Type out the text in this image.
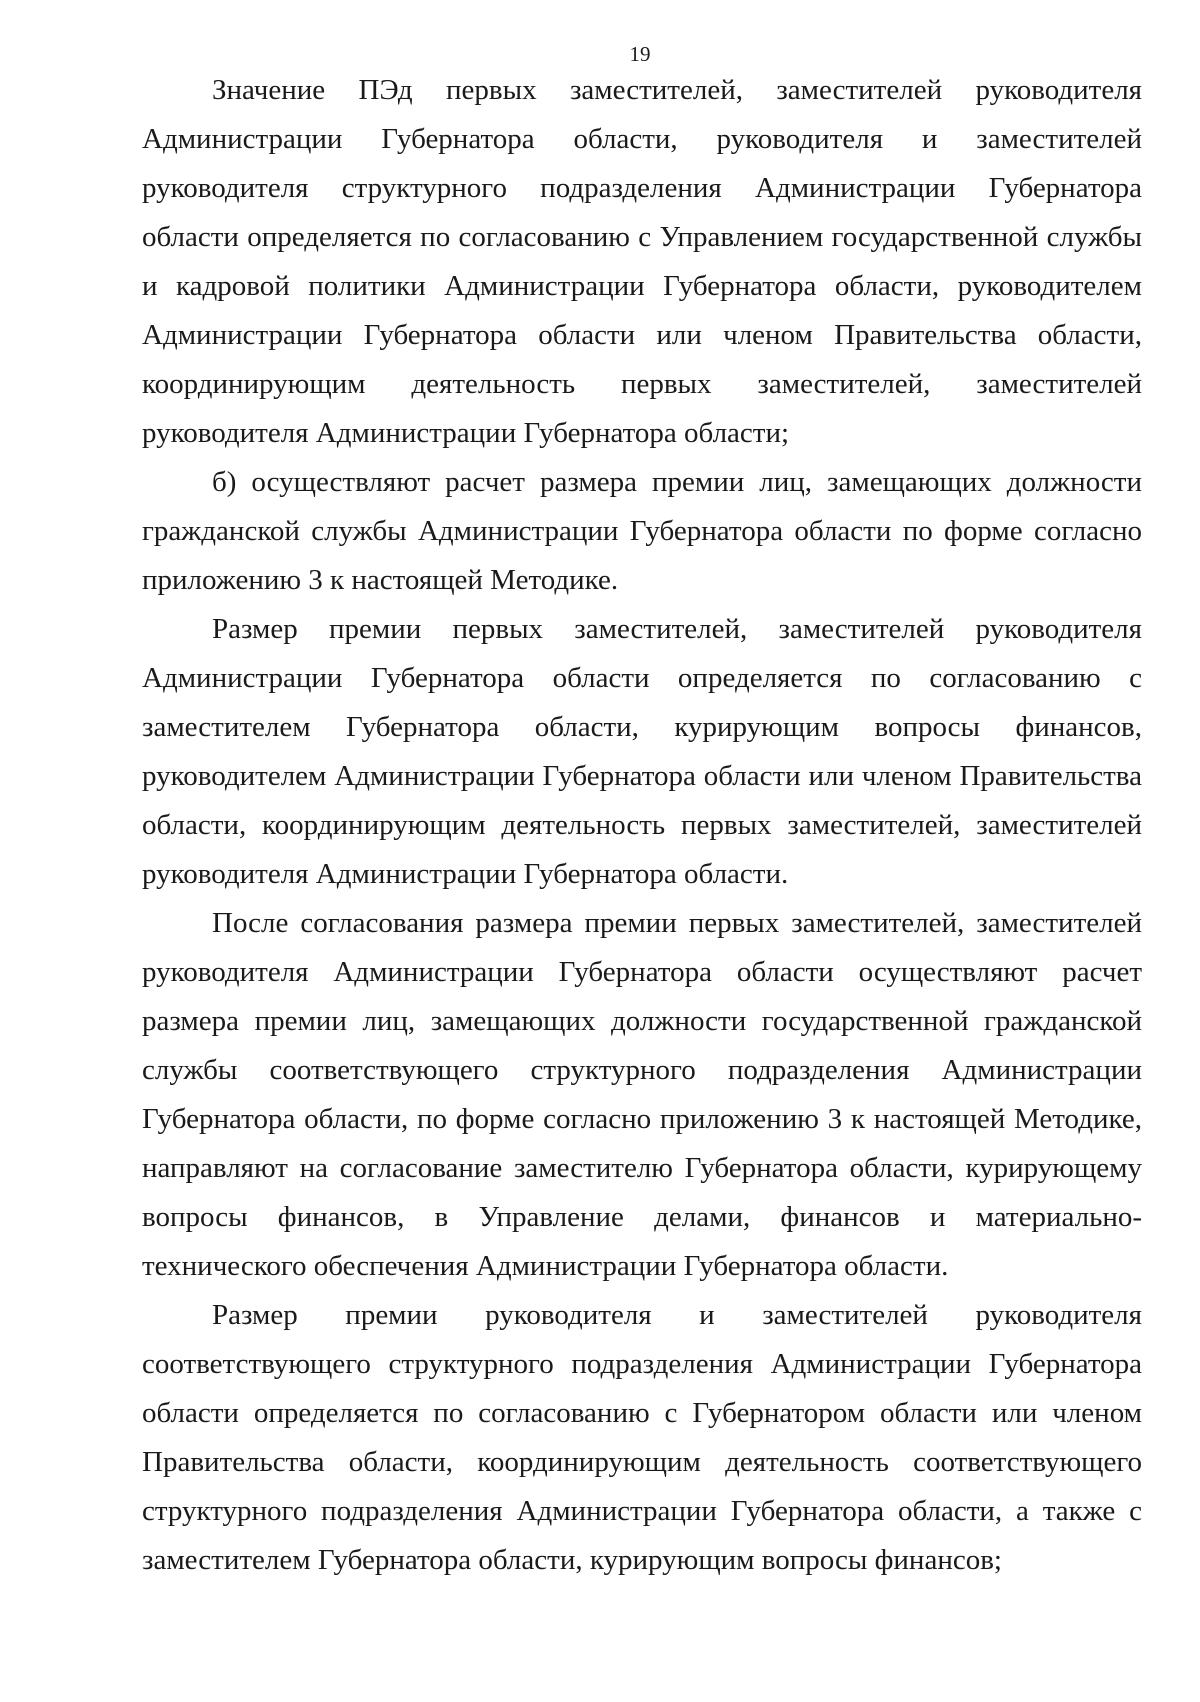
19

Значение ПЭд первых заместителей, заместителей руководителя Администрации Губернатора области, руководителя и заместителей руководителя структурного подразделения Администрации Губернатора области определяется по согласованию с Управлением государственной службы и кадровой политики Администрации Губернатора области, руководителем Администрации Губернатора области или членом Правительства области, координирующим деятельность первых заместителей, заместителей руководителя Администрации Губернатора области;

б) осуществляют расчет размера премии лиц, замещающих должности гражданской службы Администрации Губернатора области по форме согласно приложению 3 к настоящей Методике.

Размер премии первых заместителей, заместителей руководителя Администрации Губернатора области определяется по согласованию с заместителем Губернатора области, курирующим вопросы финансов, руководителем Администрации Губернатора области или членом Правительства области, координирующим деятельность первых заместителей, заместителей руководителя Администрации Губернатора области.

После согласования размера премии первых заместителей, заместителей руководителя Администрации Губернатора области осуществляют расчет размера премии лиц, замещающих должности государственной гражданской службы соответствующего структурного подразделения Администрации Губернатора области, по форме согласно приложению 3 к настоящей Методике, направляют на согласование заместителю Губернатора области, курирующему вопросы финансов, в Управление делами, финансов и материально-технического обеспечения Администрации Губернатора области.

Размер премии руководителя и заместителей руководителя соответствующего структурного подразделения Администрации Губернатора области определяется по согласованию с Губернатором области или членом Правительства области, координирующим деятельность соответствующего структурного подразделения Администрации Губернатора области, а также с заместителем Губернатора области, курирующим вопросы финансов;
